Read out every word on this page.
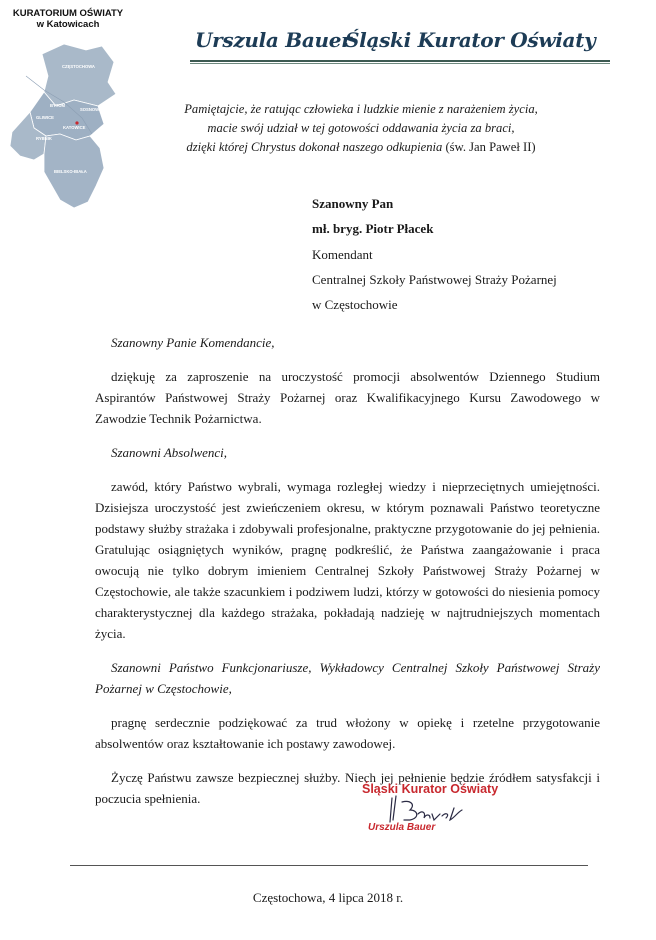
KURATORIUM OŚWIATY
w Katowicach
CZĘSTOCHOWA
BYTOM
SOSNOWIEC
GLIWICE
KATOWICE
RYBNIK
BIELSKO-BIAŁA
Urszula Bauer
Śląski Kurator Oświaty
Pamiętajcie, że ratując człowieka i ludzkie mienie z narażeniem życia,
macie swój udział w tej gotowości oddawania życia za braci,
dzięki której Chrystus dokonał naszego odkupienia (św. Jan Paweł II)
Szanowny Pan
mł. bryg. Piotr Płacek
Komendant
Centralnej Szkoły Państwowej Straży Pożarnej
w Częstochowie

Szanowny Panie Komendancie,

dziękuję za zaproszenie na uroczystość promocji absolwentów Dziennego Studium Aspirantów Państwowej Straży Pożarnej oraz Kwalifikacyjnego Kursu Zawodowego w Zawodzie Technik Pożarnictwa.

Szanowni Absolwenci,

zawód, który Państwo wybrali, wymaga rozległej wiedzy i nieprzeciętnych umiejętności. Dzisiejsza uroczystość jest zwieńczeniem okresu, w którym poznawali Państwo teoretyczne podstawy służby strażaka i zdobywali profesjonalne, praktyczne przygotowanie do jej pełnienia. Gratulując osiągniętych wyników, pragnę podkreślić, że Państwa zaangażowanie i praca owocują nie tylko dobrym imieniem Centralnej Szkoły Państwowej Straży Pożarnej w Częstochowie, ale także szacunkiem i podziwem ludzi, którzy w gotowości do niesienia pomocy charakterystycznej dla każdego strażaka, pokładają nadzieję w najtrudniejszych momentach życia.

Szanowni Państwo Funkcjonariusze, Wykładowcy Centralnej Szkoły Państwowej Straży Pożarnej w Częstochowie,

pragnę serdecznie podziękować za trud włożony w opiekę i rzetelne przygotowanie absolwentów oraz kształtowanie ich postawy zawodowej.

Życzę Państwu zawsze bezpiecznej służby. Niech jej pełnienie będzie źródłem satysfakcji i poczucia spełnienia.

Śląski Kurator Oświaty
Urszula Bauer
Częstochowa, 4 lipca 2018 r.
